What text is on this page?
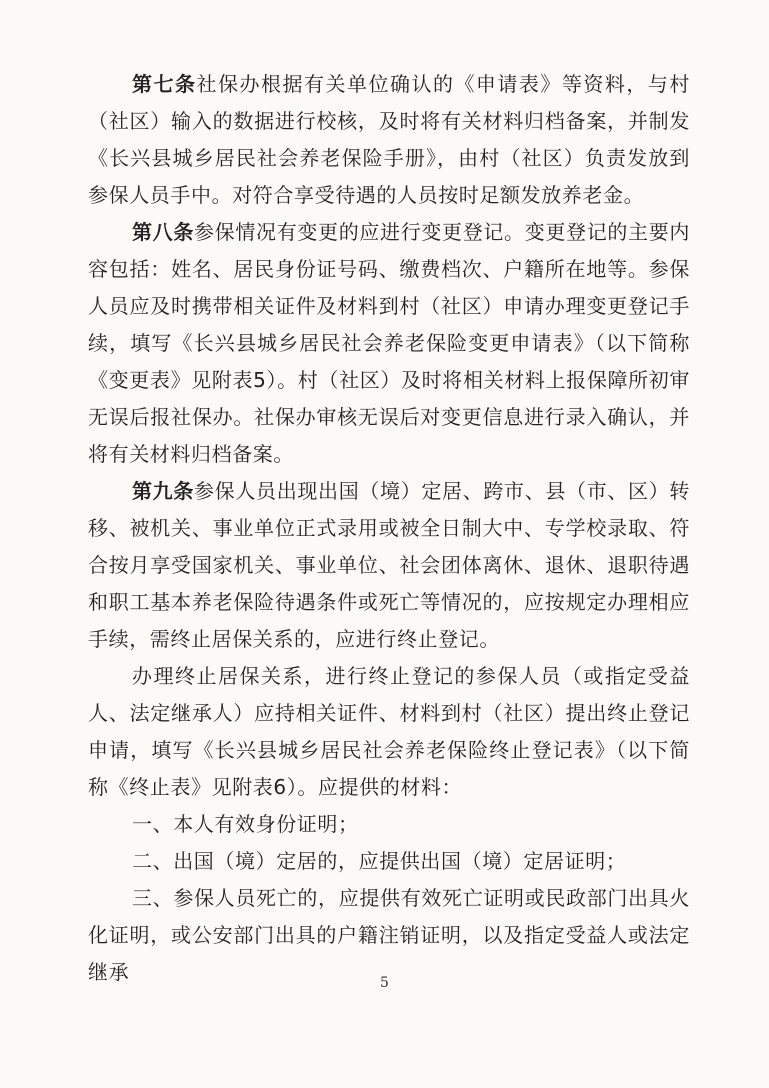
第七条社保办根据有关单位确认的《申请表》等资料，与村（社区）输入的数据进行校核，及时将有关材料归档备案，并制发《长兴县城乡居民社会养老保险手册》，由村（社区）负责发放到参保人员手中。对符合享受待遇的人员按时足额发放养老金。

第八条参保情况有变更的应进行变更登记。变更登记的主要内容包括：姓名、居民身份证号码、缴费档次、户籍所在地等。参保人员应及时携带相关证件及材料到村（社区）申请办理变更登记手续，填写《长兴县城乡居民社会养老保险变更申请表》（以下简称《变更表》见附表5）。村（社区）及时将相关材料上报保障所初审无误后报社保办。社保办审核无误后对变更信息进行录入确认，并将有关材料归档备案。

第九条参保人员出现出国（境）定居、跨市、县（市、区）转移、被机关、事业单位正式录用或被全日制大中、专学校录取、符合按月享受国家机关、事业单位、社会团体离休、退休、退职待遇和职工基本养老保险待遇条件或死亡等情况的，应按规定办理相应手续，需终止居保关系的，应进行终止登记。

办理终止居保关系，进行终止登记的参保人员（或指定受益人、法定继承人）应持相关证件、材料到村（社区）提出终止登记申请，填写《长兴县城乡居民社会养老保险终止登记表》（以下简称《终止表》见附表6）。应提供的材料：

一、本人有效身份证明；

二、出国（境）定居的，应提供出国（境）定居证明；

三、参保人员死亡的，应提供有效死亡证明或民政部门出具火化证明，或公安部门出具的户籍注销证明，以及指定受益人或法定继承	5
